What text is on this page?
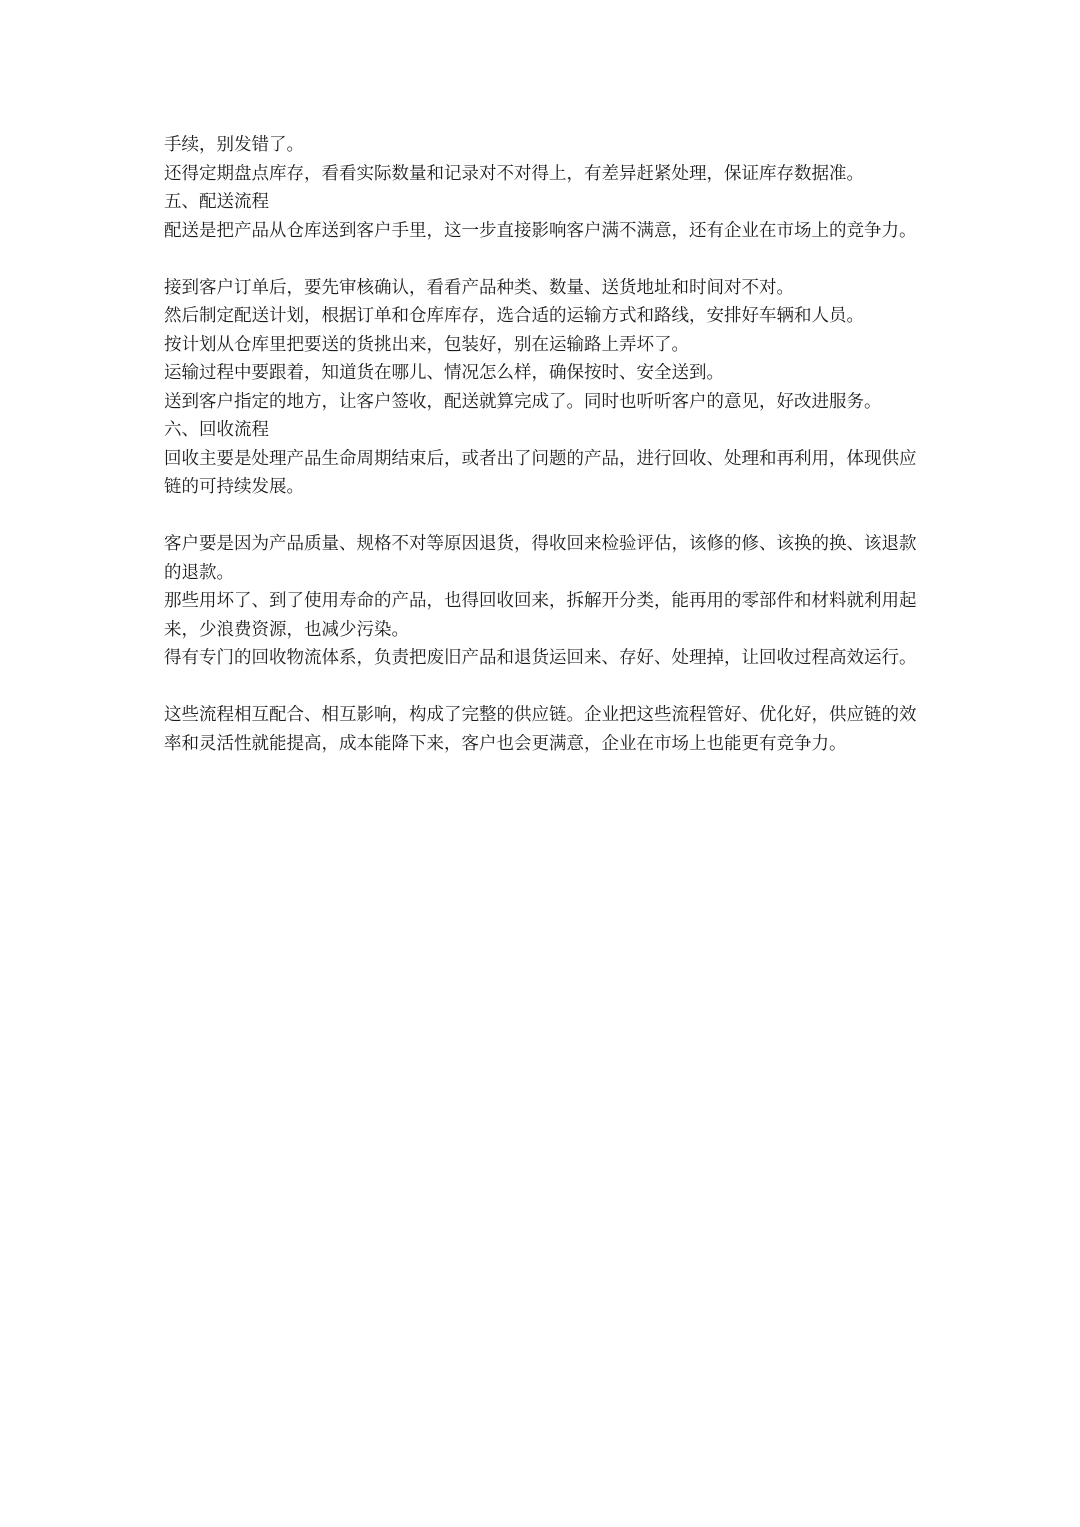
手续，别发错了。

还得定期盘点库存，看看实际数量和记录对不对得上，有差异赶紧处理，保证库存数据准。

五、配送流程

配送是把产品从仓库送到客户手里，这一步直接影响客户满不满意，还有企业在市场上的竞争力。

接到客户订单后，要先审核确认，看看产品种类、数量、送货地址和时间对不对。

然后制定配送计划，根据订单和仓库库存，选合适的运输方式和路线，安排好车辆和人员。

按计划从仓库里把要送的货挑出来，包装好，别在运输路上弄坏了。

运输过程中要跟着，知道货在哪儿、情况怎么样，确保按时、安全送到。

送到客户指定的地方，让客户签收，配送就算完成了。同时也听听客户的意见，好改进服务。

六、回收流程

回收主要是处理产品生命周期结束后，或者出了问题的产品，进行回收、处理和再利用，体现供应链的可持续发展。

客户要是因为产品质量、规格不对等原因退货，得收回来检验评估，该修的修、该换的换、该退款的退款。

那些用坏了、到了使用寿命的产品，也得回收回来，拆解开分类，能再用的零部件和材料就利用起来，少浪费资源，也减少污染。

得有专门的回收物流体系，负责把废旧产品和退货运回来、存好、处理掉，让回收过程高效运行。

这些流程相互配合、相互影响，构成了完整的供应链。企业把这些流程管好、优化好，供应链的效率和灵活性就能提高，成本能降下来，客户也会更满意，企业在市场上也能更有竞争力。
